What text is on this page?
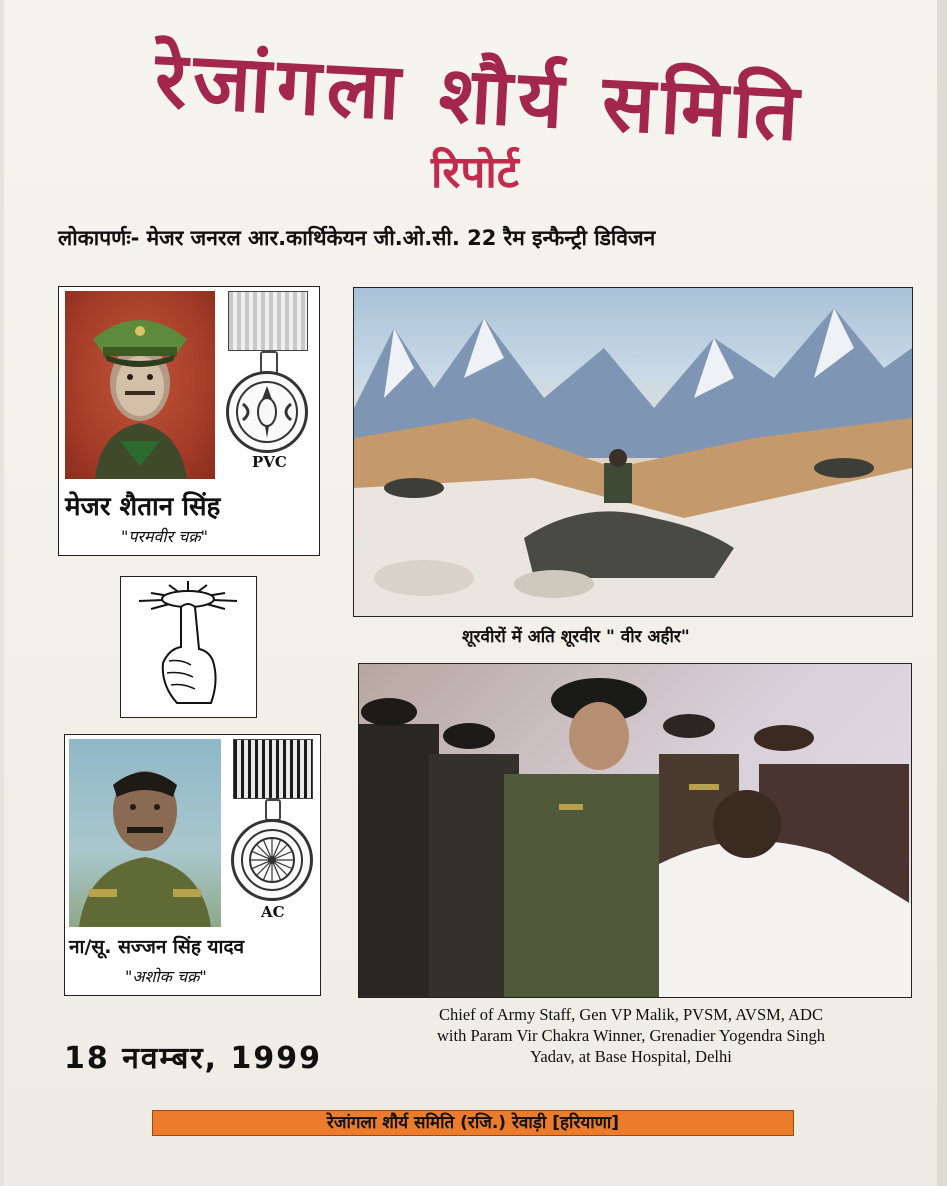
रेजांगला शौर्य समिति
रिपोर्ट
लोकापर्णः- मेजर जनरल आर.कार्थिकेयन जी.ओ.सी. 22 रैम इन्फैन्ट्री डिविजन
PVC
मेजर शैतान सिंह
"परमवीर चक्र"
AC
ना/सू. सज्जन सिंह यादव
"अशोक चक्र"
शूरवीरों में अति शूरवीर " वीर अहीर"
Chief of Army Staff, Gen VP Malik, PVSM, AVSM, ADC
with Param Vir Chakra Winner, Grenadier Yogendra Singh
Yadav, at Base Hospital, Delhi
18 नवम्बर, 1999
रेजांगला शौर्य समिति (रजि.) रेवाड़ी [हरियाणा]
